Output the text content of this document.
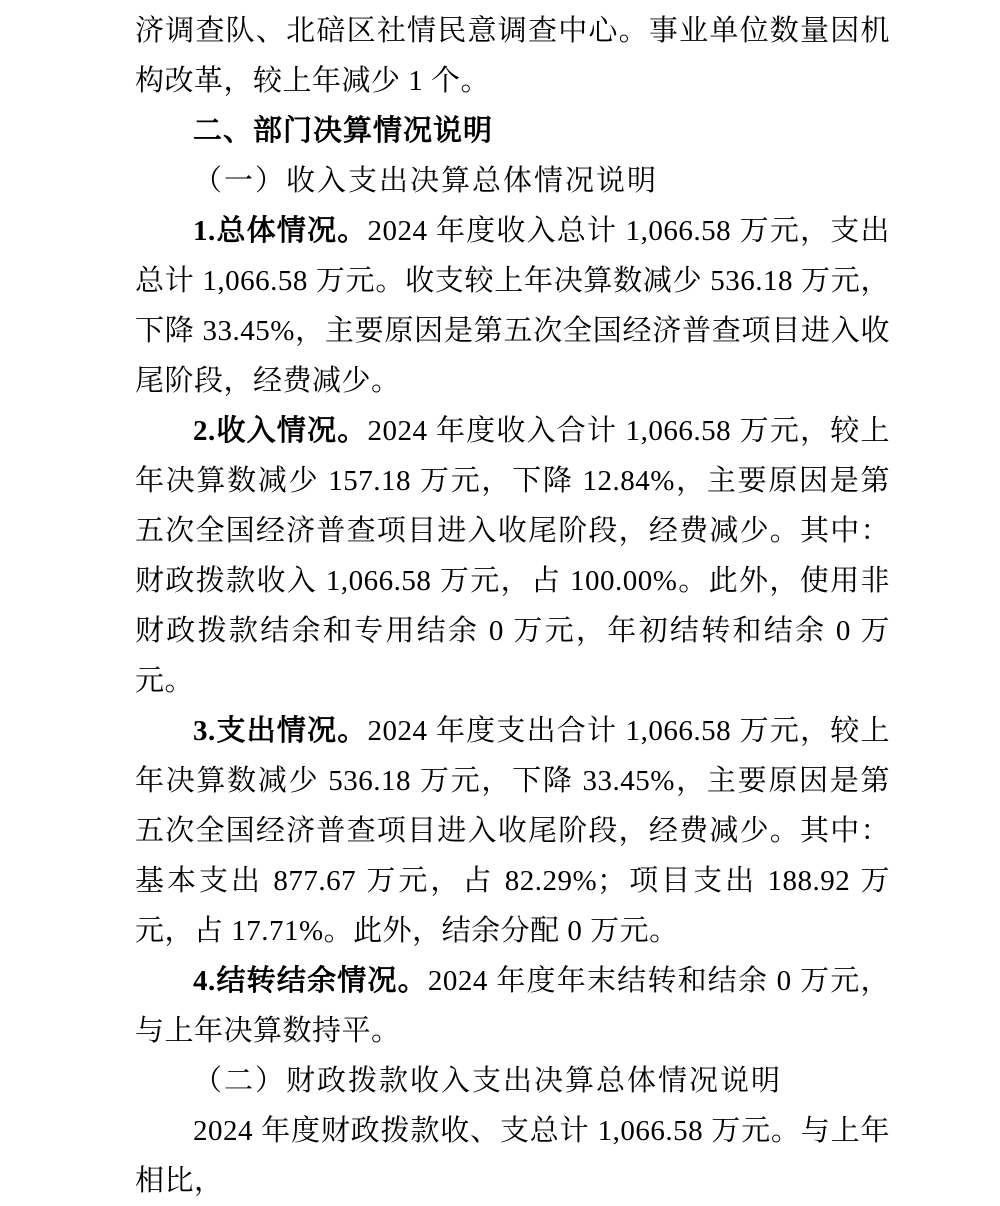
济调查队、北碚区社情民意调查中心。事业单位数量因机构改革，较上年减少 1 个。

二、部门决算情况说明

（一）收入支出决算总体情况说明

1.总体情况。2024 年度收入总计 1,066.58 万元，支出总计 1,066.58 万元。收支较上年决算数减少 536.18 万元，下降 33.45%，主要原因是第五次全国经济普查项目进入收尾阶段，经费减少。

2.收入情况。2024 年度收入合计 1,066.58 万元，较上年决算数减少 157.18 万元，下降 12.84%，主要原因是第五次全国经济普查项目进入收尾阶段，经费减少。其中：财政拨款收入 1,066.58 万元，占 100.00%。此外，使用非财政拨款结余和专用结余 0 万元，年初结转和结余 0 万元。

3.支出情况。2024 年度支出合计 1,066.58 万元，较上年决算数减少 536.18 万元，下降 33.45%，主要原因是第五次全国经济普查项目进入收尾阶段，经费减少。其中：基本支出 877.67 万元，占 82.29%；项目支出 188.92 万元，占 17.71%。此外，结余分配 0 万元。

4.结转结余情况。2024 年度年末结转和结余 0 万元，与上年决算数持平。

（二）财政拨款收入支出决算总体情况说明

2024 年度财政拨款收、支总计 1,066.58 万元。与上年相比，
